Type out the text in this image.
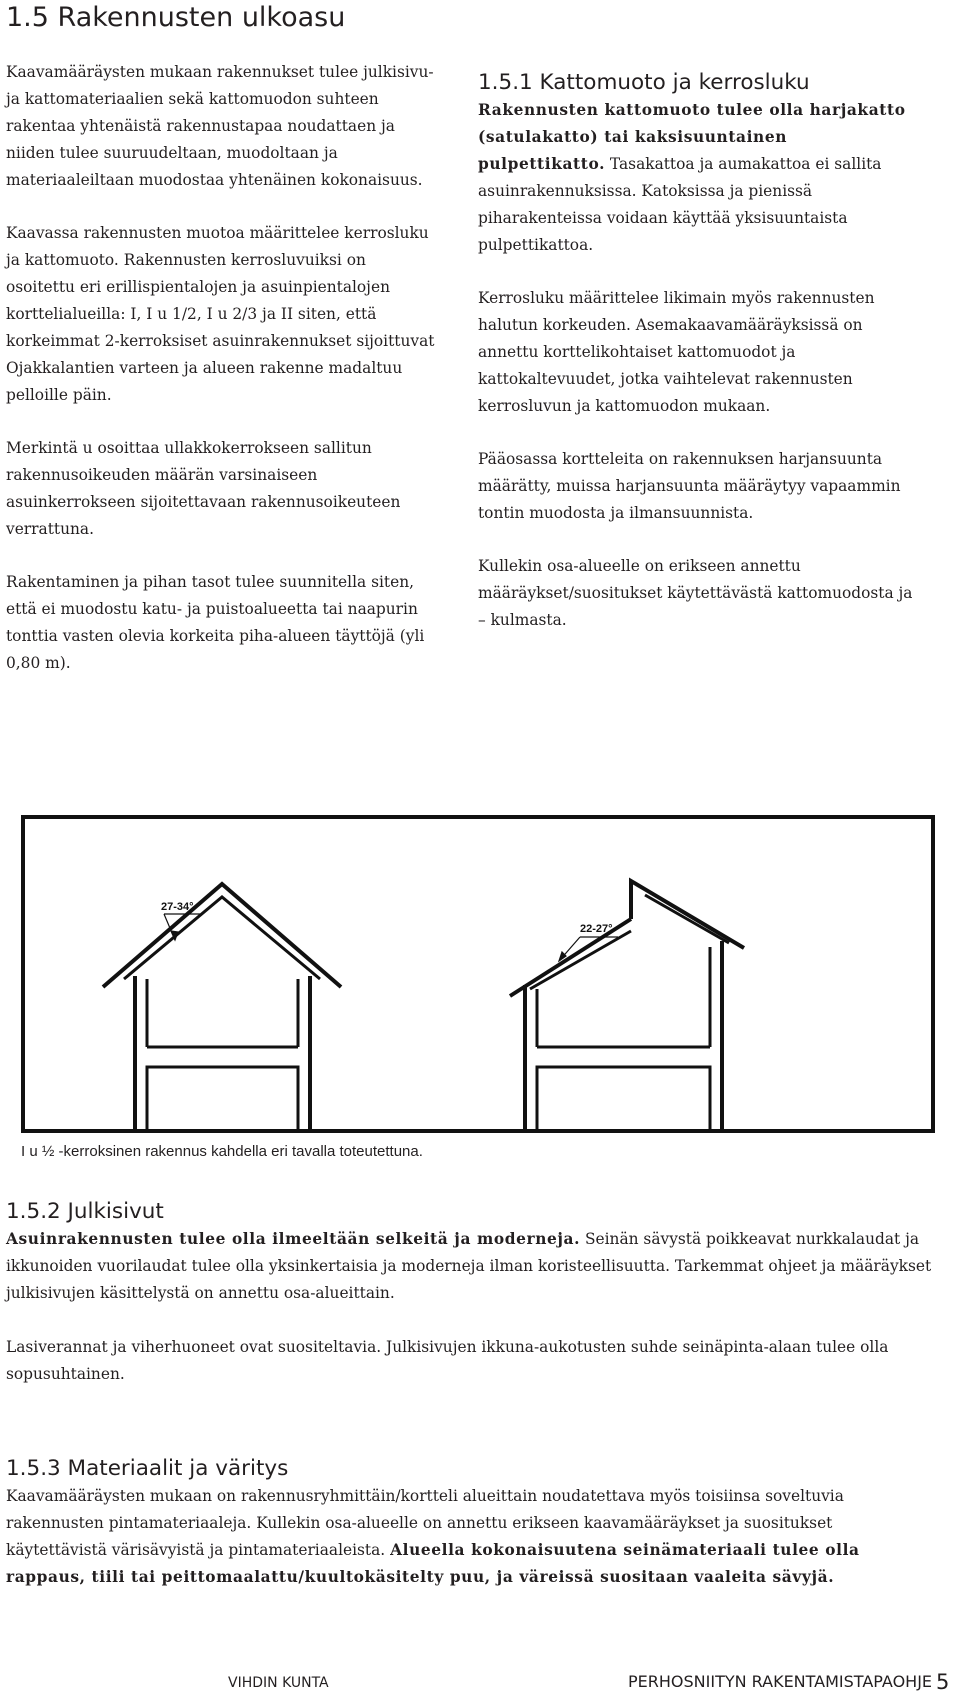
1.5 Rakennusten ulkoasu

Kaavamääräysten mukaan rakennukset tulee julkisivu- ja kattomateriaalien sekä kattomuodon suhteen rakentaa yhtenäistä rakennustapaa noudattaen ja niiden tulee suuruudeltaan, muodoltaan ja materiaaleiltaan muodostaa yhtenäinen kokonaisuus.

Kaavassa rakennusten muotoa määrittelee kerrosluku ja kattomuoto. Rakennusten kerrosluvuiksi on osoitettu eri erillispientalojen ja asuinpientalojen korttelialueilla: I, I u 1/2, I u 2/3 ja II siten, että korkeimmat 2-kerroksiset asuinrakennukset sijoittuvat Ojakkalantien varteen ja alueen rakenne madaltuu pelloille päin.

Merkintä u osoittaa ullakkokerrokseen sallitun rakennusoikeuden määrän varsinaiseen asuinkerrokseen sijoitettavaan rakennusoikeuteen verrattuna.

Rakentaminen ja pihan tasot tulee suunnitella siten, että ei muodostu katu- ja puistoalueetta tai naapurin tonttia vasten olevia korkeita piha-alueen täyttöjä (yli 0,80 m).

1.5.1 Kattomuoto ja kerrosluku

Rakennusten kattomuoto tulee olla harjakatto (satulakatto) tai kaksisuuntainen pulpettikatto. Tasakattoa ja aumakattoa ei sallita asuinrakennuksissa. Katoksissa ja pienissä piharakenteissa voidaan käyttää yksisuuntaista pulpettikattoa.

Kerrosluku määrittelee likimain myös rakennusten halutun korkeuden. Asemakaavamääräyksissä on annettu korttelikohtaiset kattomuodot ja kattokaltevuudet, jotka vaihtelevat rakennusten kerrosluvun ja kattomuodon mukaan.

Pääosassa kortteleita on rakennuksen harjansuunta määrätty, muissa harjansuunta määräytyy vapaammin tontin muodosta ja ilmansuunnista.

Kullekin osa-alueelle on erikseen annettu määräykset/suositukset käytettävästä kattomuodosta ja – kulmasta.

27-34°
22-27°
I u ½ -kerroksinen rakennus kahdella eri tavalla toteutettuna.
1.5.2 Julkisivut

Asuinrakennusten tulee olla ilmeeltään selkeitä ja moderneja. Seinän sävystä poikkeavat nurkkalaudat ja ikkunoiden vuorilaudat tulee olla yksinkertaisia ja moderneja ilman koristeellisuutta. Tarkemmat ohjeet ja määräykset julkisivujen käsittelystä on annettu osa-alueittain.

Lasiverannat ja viherhuoneet ovat suositeltavia. Julkisivujen ikkuna-aukotusten suhde seinäpinta-alaan tulee olla sopusuhtainen.

1.5.3 Materiaalit ja väritys

Kaavamääräysten mukaan on rakennusryhmittäin/kortteli alueittain noudatettava myös toisiinsa soveltuvia rakennusten pintamateriaaleja. Kullekin osa-alueelle on annettu erikseen kaavamääräykset ja suositukset käytettävistä värisävyistä ja pintamateriaaleista. Alueella kokonaisuutena seinämateriaali tulee olla rappaus, tiili tai peittomaalattu/kuultokäsitelty puu, ja väreissä suositaan vaaleita sävyjä.

VIHDIN KUNTA	PERHOSNIITYN RAKENTAMISTAPAOHJE 5
